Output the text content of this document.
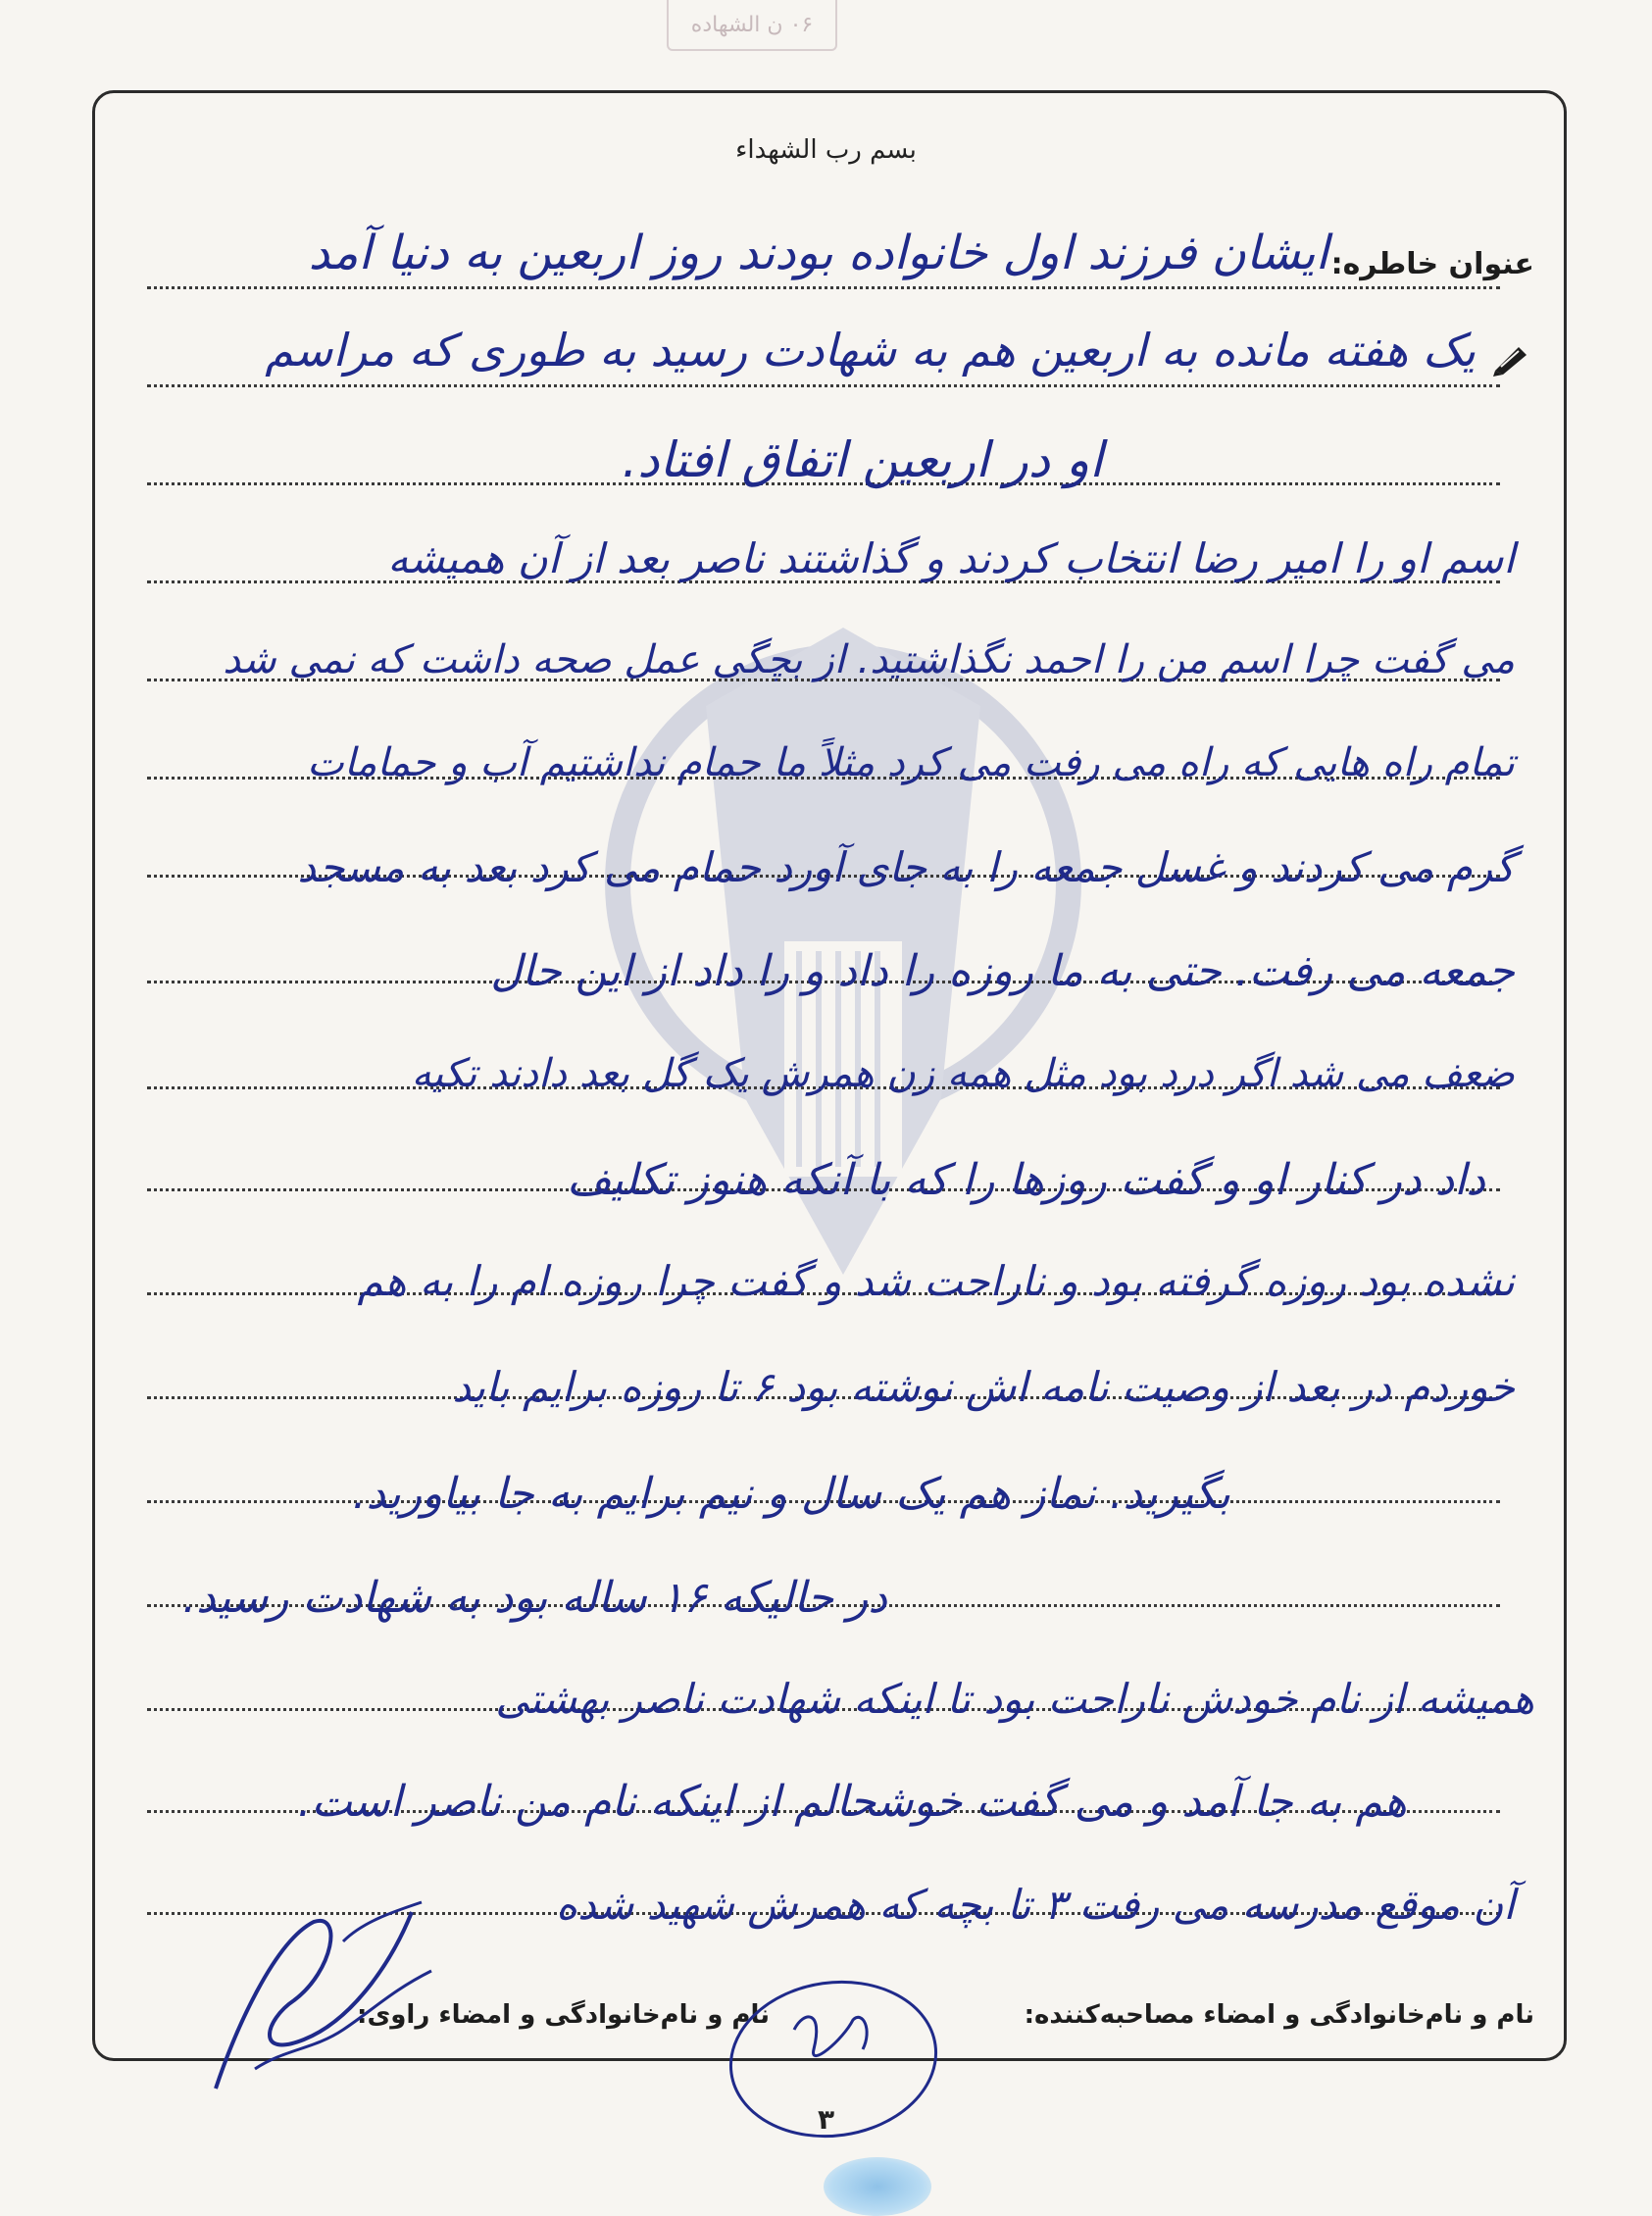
۰۶ ن الشهاده
بسم رب الشهداء
عنوان خاطره:
ایشان فرزند اول خانواده بودند روز اربعین به دنیا آمد
یک هفته مانده به اربعین هم به شهادت رسید به طوری که مراسم
او در اربعین اتفاق افتاد.
اسم او را امیر رضا انتخاب کردند و گذاشتند ناصر بعد از آن همیشه
می گفت چرا اسم من را احمد نگذاشتید. از بچگی عمل صحه داشت که نمی شد
تمام راه هایی که راه می رفت می کرد مثلاً ما حمام نداشتیم آب و حمامات
گرم می کردند و غسل جمعه را به جای آورد حمام می کرد بعد به مسجد
جمعه می رفت. حتی به ما روزه را داد و را داد از این حال
ضعف می شد اگر درد بود مثل همه زن همرش یک گل بعد دادند تکیه
داد در کنار او و گفت روزها را که با آنکه هنوز تکلیف
نشده بود روزه گرفته بود و ناراحت شد و گفت چرا روزه ام را به هم
خوردم در بعد از وصیت نامه اش نوشته بود ۶ تا روزه برایم باید
بگیرید. نماز هم یک سال و نیم برایم به جا بیاورید.
در حالیکه ۱۶ ساله بود به شهادت رسید.
همیشه از نام خودش ناراحت بود تا اینکه شهادت ناصر بهشتی
هم به جا آمد و می گفت خوشحالم از اینکه نام من ناصر است.
آن موقع مدرسه می رفت ۳ تا بچه که همرش شهید شده
نام و نام‌خانوادگی و امضاء مصاحبه‌کننده:
نام و نام‌خانوادگی و امضاء راوی:
۳
